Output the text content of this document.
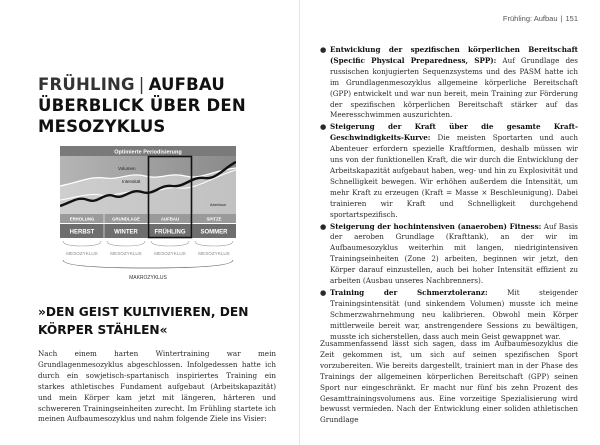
Frühling: Aufbau | 151
FRÜHLING | AUFBAU
ÜBERBLICK ÜBER DEN
MESOZYKLUS
Optimierte Periodisierung
Volumen
Intensität
Aberlaun
ERHOLUNG	GRUNDLAGE	AUFBAU	SPITZE
HERBST	WINTER	FRÜHLING	SOMMER
MESOZYKLUS	MESOZYKLUS	MESOZYKLUS	MESOZYKLUS
MAKROZYKLUS
»DEN GEIST KULTIVIEREN, DEN
KÖRPER STÄHLEN«
Nach einem harten Wintertraining war mein Grundlagenmesozyklus abgeschlossen. Infolgedessen hatte ich durch ein sowjetisch-spartanisch inspiriertes Training ein starkes athletisches Fundament aufgebaut (Arbeitskapazität) und mein Körper kam jetzt mit längeren, härteren und schwereren Trainingseinheiten zurecht. Im Frühling startete ich meinen Aufbaumesozyklus und nahm folgende Ziele ins Visier:
● Entwicklung der spezifischen körperlichen Bereitschaft (Specific Physical Preparedness, SPP): Auf Grundlage des russischen konjugierten Sequenzsystems und des PASM hatte ich im Grundlagenmesozyklus allgemeine körperliche Bereitschaft (GPP) entwickelt und war nun bereit, mein Training zur Förderung der spezifischen körperlichen Bereitschaft stärker auf das Meeresschwimmen auszurichten.
● Steigerung der Kraft über die gesamte Kraft-Geschwindigkeits-Kurve: Die meisten Sportarten und auch Abenteuer erfordern spezielle Kraftformen, deshalb müssen wir uns von der funktionellen Kraft, die wir durch die Entwicklung der Arbeitskapazität aufgebaut haben, weg- und hin zu Explosivität und Schnelligkeit bewegen. Wir erhöhen außerdem die Intensität, um mehr Kraft zu erzeugen (Kraft = Masse × Beschleunigung). Dabei trainieren wir Kraft und Schnelligkeit durchgehend sportartspezifisch.
● Steigerung der hochintensiven (anaeroben) Fitness: Auf Basis der aeroben Grundlage (Krafttank), an der wir im Aufbaumesozyklus weiterhin mit langen, niedrigintensiven Trainingseinheiten (Zone 2) arbeiten, beginnen wir jetzt, den Körper darauf einzustellen, auch bei hoher Intensität effizient zu arbeiten (Ausbau unseres Nachbrenners).
● Training der Schmerztoleranz: Mit steigender Trainingsintensität (und sinkendem Volumen) musste ich meine Schmerzwahrnehmung neu kalibrieren. Obwohl mein Körper mittlerweile bereit war, anstrengendere Sessions zu bewältigen, musste ich sicherstellen, dass auch mein Geist gewappnet war.
Zusammenfassend lässt sich sagen, dass im Aufbaumesozyklus die Zeit gekommen ist, um sich auf seinen spezifischen Sport vorzubereiten. Wie bereits dargestellt, trainiert man in der Phase des Trainings der allgemeinen körperlichen Bereitschaft (GPP) seinen Sport nur eingeschränkt. Er macht nur fünf bis zehn Prozent des Gesamttrainingsvolumens aus. Eine vorzeitige Spezialisierung wird bewusst vermieden. Nach der Entwicklung einer soliden athletischen Grundlage
